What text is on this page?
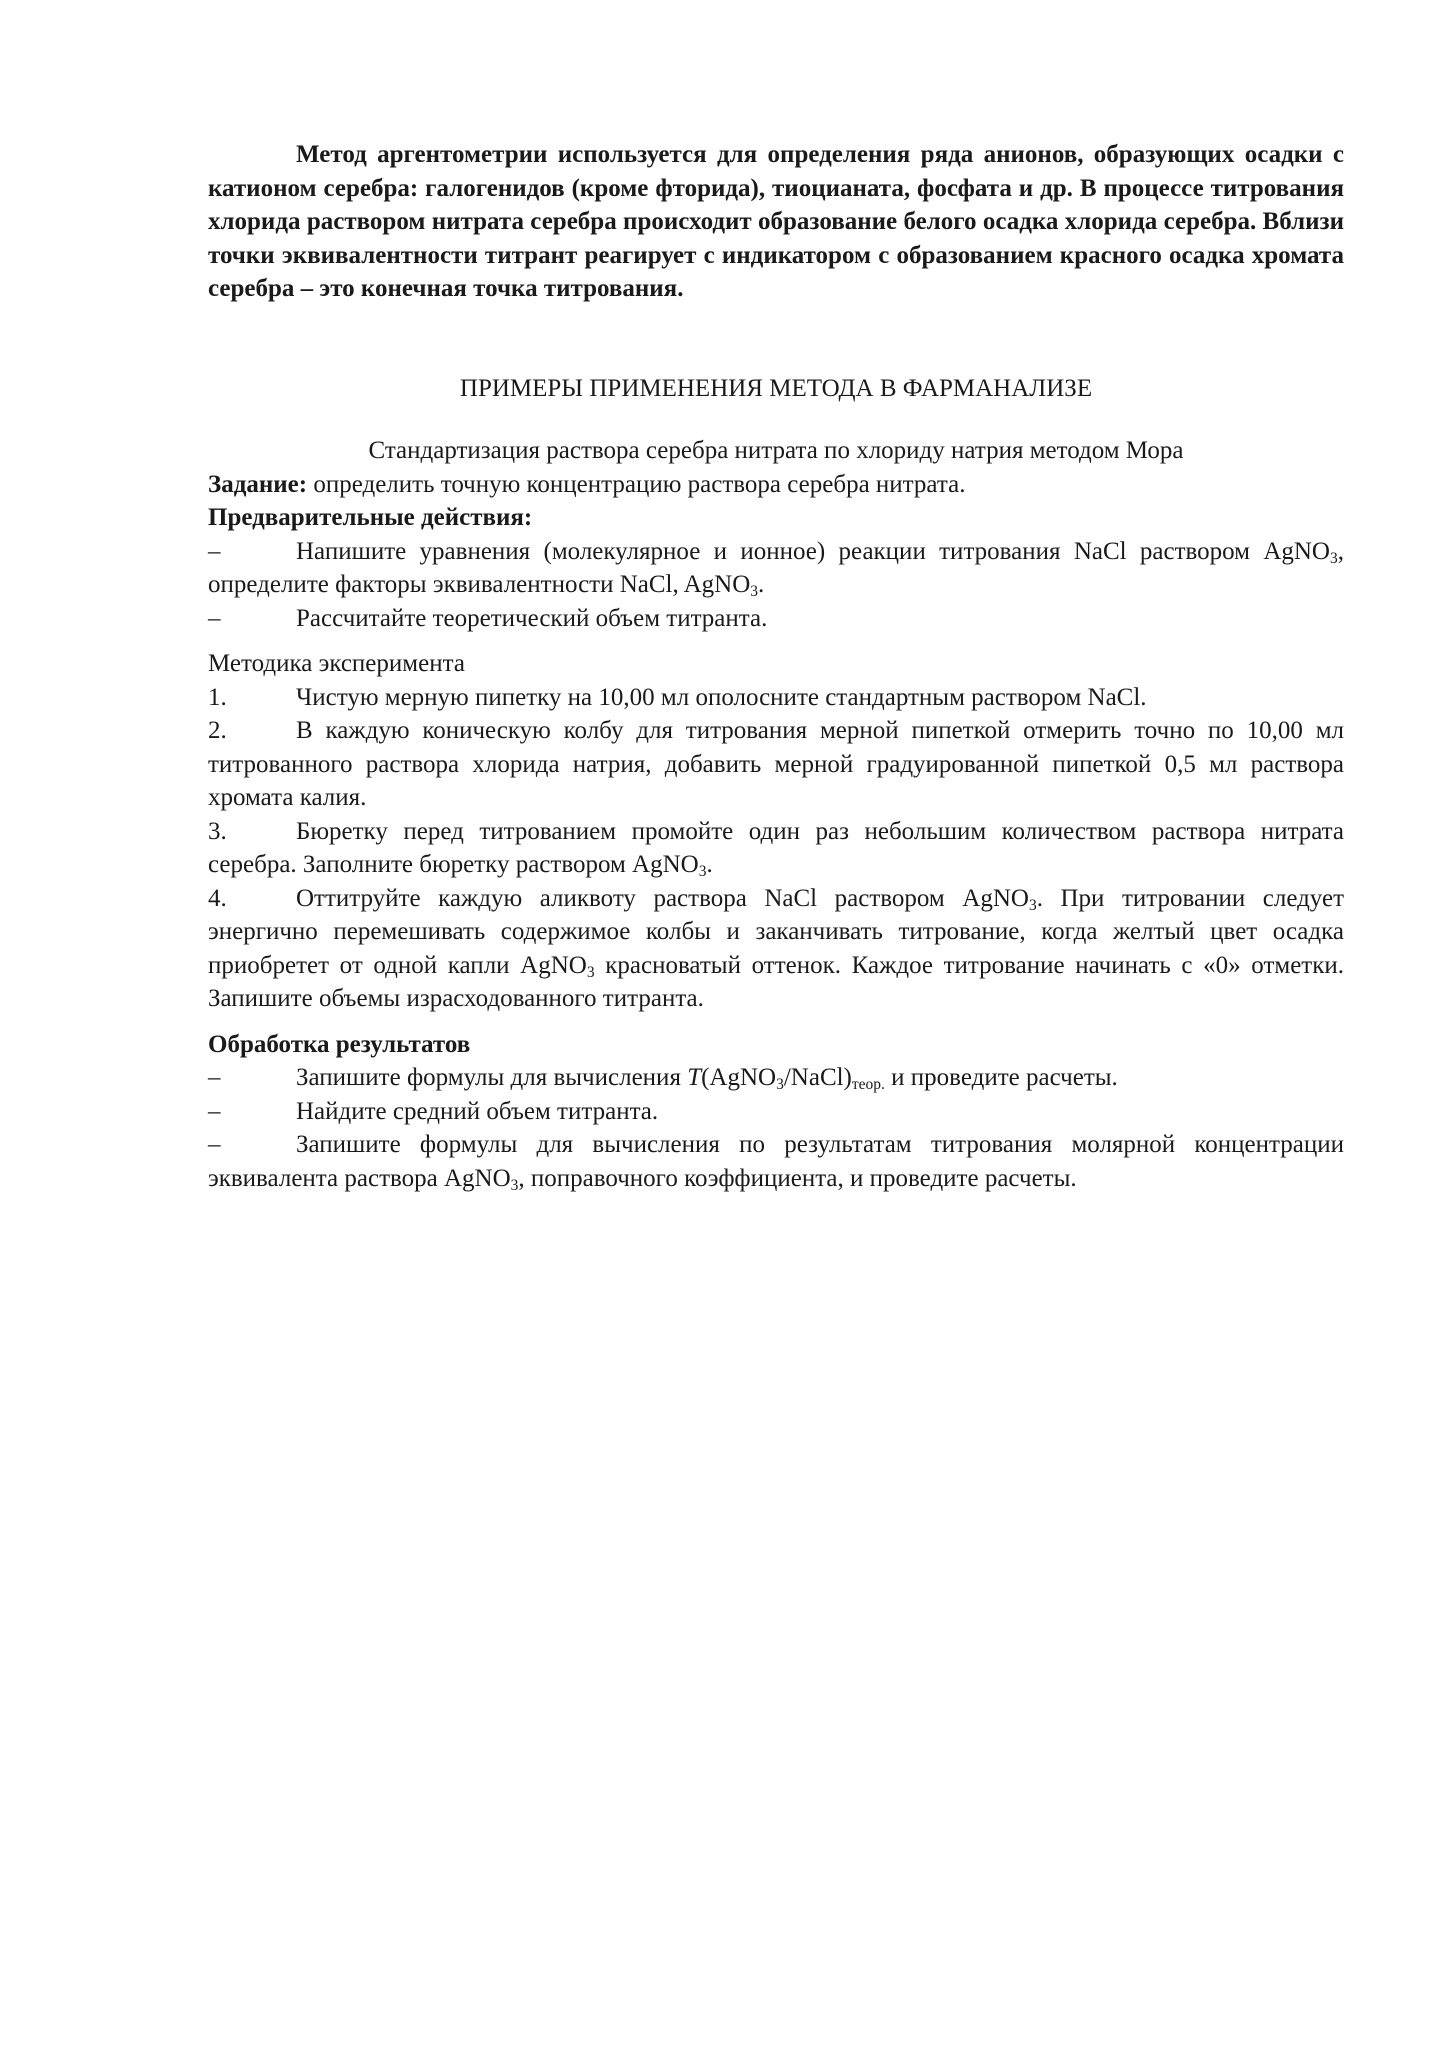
Метод аргентометрии используется для определения ряда анионов, образующих осадки с катионом серебра: галогенидов (кроме фторида), тиоцианата, фосфата и др. В процессе титрования хлорида раствором нитрата серебра происходит образование белого осадка хлорида серебра. Вблизи точки эквивалентности титрант реагирует с индикатором с образованием красного осадка хромата серебра – это конечная точка титрования.

ПРИМЕРЫ ПРИМЕНЕНИЯ МЕТОДА В ФАРМАНАЛИЗЕ

Стандартизация раствора серебра нитрата по хлориду натрия методом Мора

Задание: определить точную концентрацию раствора серебра нитрата.

Предварительные действия:

–	Напишите уравнения (молекулярное и ионное) реакции титрования NaCl раствором AgNO$_3$, определите факторы эквивалентности NaCl, AgNO$_3$.

–	Рассчитайте теоретический объем титранта.

Методика эксперимента

1.	Чистую мерную пипетку на 10,00 мл ополосните стандартным раствором NaCl.

2.	В каждую коническую колбу для титрования мерной пипеткой отмерить точно по 10,00 мл титрованного раствора хлорида натрия, добавить мерной градуированной пипеткой 0,5 мл раствора хромата калия.

3.	Бюретку перед титрованием промойте один раз небольшим количеством раствора нитрата серебра. Заполните бюретку раствором AgNO$_3$.

4.	Оттитруйте каждую аликвоту раствора NaCl раствором AgNO$_3$. При титровании следует энергично перемешивать содержимое колбы и заканчивать титрование, когда желтый цвет осадка приобретет от одной капли AgNO$_3$ красноватый оттенок. Каждое титрование начинать с «0» отметки. Запишите объемы израсходованного титранта.

Обработка результатов

–	Запишите формулы для вычисления $T(AgNO_3/NaCl)_{теор.}$ и проведите расчеты.

–	Найдите средний объем титранта.

–	Запишите формулы для вычисления по результатам титрования молярной концентрации эквивалента раствора AgNO$_3$, поправочного коэффициента, и проведите расчеты.
